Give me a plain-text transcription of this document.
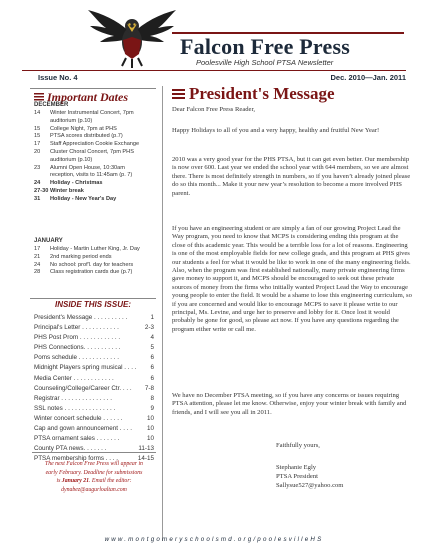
Falcon Free Press
Poolesville High School PTSA Newsletter
Issue No. 4	Dec. 2010—Jan. 2011
Important Dates
DECEMBER
14	Winter Instrumental Concert, 7pm
auditorium (p.10)
15	College Night, 7pm at PHS
15	PTSA scores distributed (p.7)
17	Staff Appreciation Cookie Exchange
20	Cluster Choral Concert, 7pm PHS
auditorium (p.10)
23	Alumni Open House, 10:30am
reception, visits to 11:45am (p. 7)
24	Holiday - Christmas
27-30 Winter break
31	Holiday - New Year's Day
JANUARY
17	Holiday - Martin Luther King, Jr. Day
21	2nd marking period ends
24	No school: prof'l. day for teachers
28	Class registration cards due (p.7)
INSIDE THIS ISSUE:
President's Message . . . . . . . . . .	1
Principal's Letter . . . . . . . . . . .	2-3
PHS Post Prom . . . . . . . . . . . .	4
PHS Connections. . . . . . . . . . .	5
Poms schedule . . . . . . . . . . . .	6
Midnight Players spring musical . . . .	6
Media Center . . . . . . . . . . . .	6
Counseling/College/Career Ctr. . . .	7-8
Registrar . . . . . . . . . . . . . . .	8
SSL notes . . . . . . . . . . . . . . .	9
Winter concert schedule . . . . . .	10
Cap and gown announcement . . . .	10
PTSA ornament sales . . . . . . .	10
County PTA news. . . . . . .	11-13
PTSA membership forms . . . .	14-15
The next Falcon Free Press will appear in
early February. Deadline for submissions
is January 21. Email the editor:
dynabez@augurloaltan.com
President's Message
Dear Falcon Free Press Reader,
Happy Holidays to all of you and a very happy, healthy and fruitful New Year!
2010 was a very good year for the PHS PTSA, but it can get even better. Our membership is now over 600. Last year we ended the school year with 644 members, so we are almost there. There is most definitely strength in numbers, so if you haven’t already joined please do so this month... Make it your new year’s resolution to become a more involved PHS parent.
If you have an engineering student or are simply a fan of our growing Project Lead the Way program, you need to know that MCPS is considering ending this program at the close of this academic year. This would be a terrible loss for a lot of reasons. Engineering is one of the most employable fields for new college grads, and this program at PHS gives our students a feel for what it would be like to work in one of the many engineering fields. Also, when the program was first established nationally, many private engineering firms gave money to support it, and MCPS should be encouraged to seek out these private sources of money from the firms who initially wanted Project Lead the Way to encourage young people to enter the field. It would be a shame to lose this engineering curriculum, so if you are concerned and would like to encourage MCPS to save it please write to our principal, Ms. Levine, and urge her to preserve and lobby for it. Once lost it would probably be gone for good, so please act now. If you have any questions regarding the program either write or call me.
We have no December PTSA meeting, so if you have any concerns or issues requiring PTSA attention, please let me know. Otherwise, enjoy your winter break with family and friends, and I will see you all in 2011.
Faithfully yours,
Stephanie Egly
PTSA President
Sallysue527@yahoo.com
www.montgomeryschoolsmd.org/poolesvilleHS
